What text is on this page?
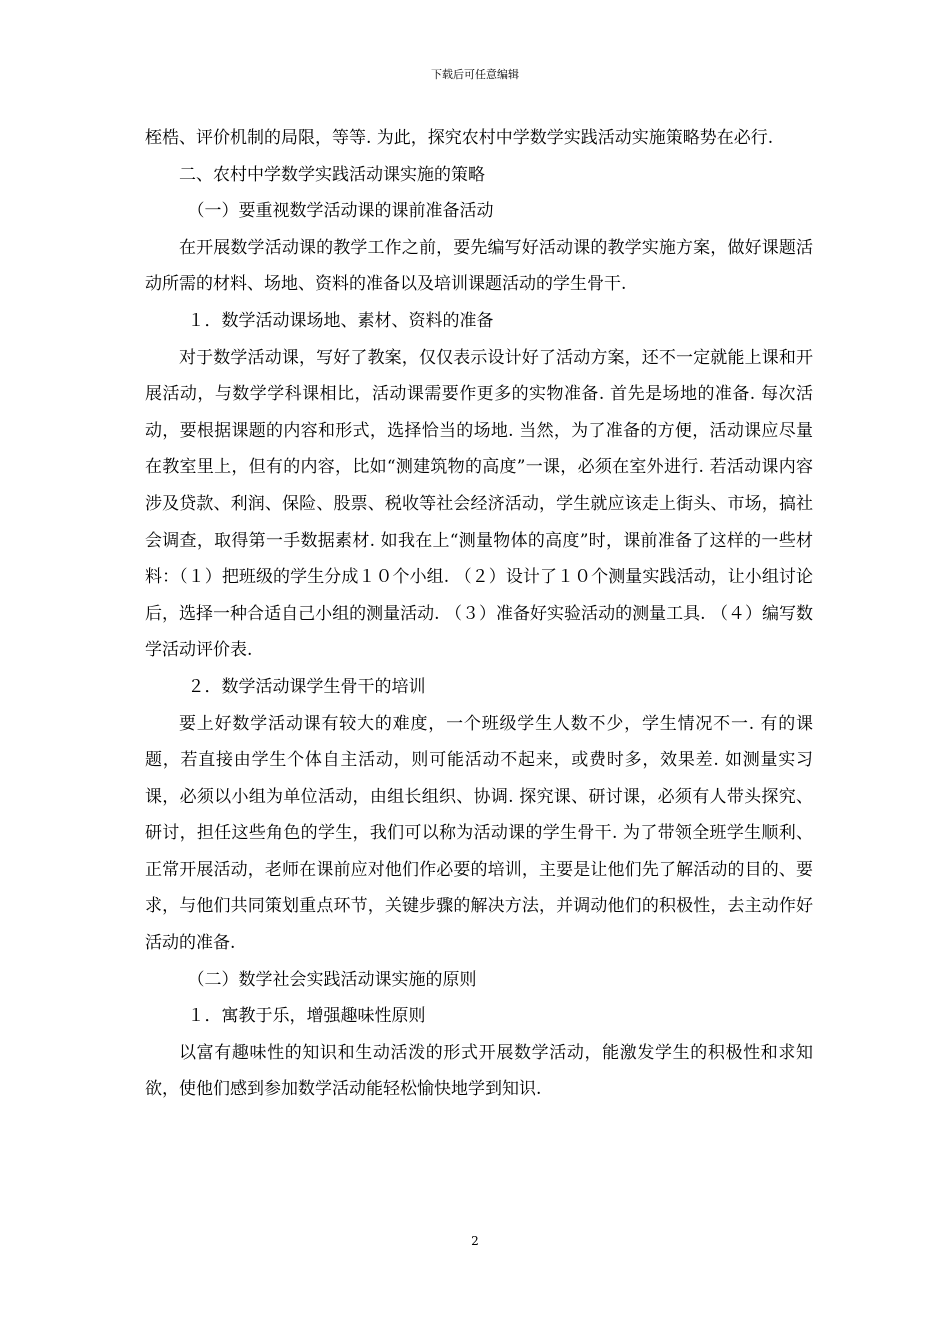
下载后可任意编辑

桎梏、评价机制的局限，等等. 为此，探究农村中学数学实践活动实施策略势在必行.

二、农村中学数学实践活动课实施的策略

（一）要重视数学活动课的课前准备活动

在开展数学活动课的教学工作之前，要先编写好活动课的教学实施方案，做好课题活动所需的材料、场地、资料的准备以及培训课题活动的学生骨干.

１．数学活动课场地、素材、资料的准备

对于数学活动课，写好了教案，仅仅表示设计好了活动方案，还不一定就能上课和开展活动，与数学学科课相比，活动课需要作更多的实物准备. 首先是场地的准备. 每次活动，要根据课题的内容和形式，选择恰当的场地. 当然，为了准备的方便，活动课应尽量在教室里上，但有的内容，比如“测建筑物的高度”一课，必须在室外进行. 若活动课内容涉及贷款、利润、保险、股票、税收等社会经济活动，学生就应该走上街头、市场，搞社会调查，取得第一手数据素材. 如我在上“测量物体的高度”时，课前准备了这样的一些材料：（１）把班级的学生分成１０个小组. （２）设计了１０个测量实践活动，让小组讨论后，选择一种合适自己小组的测量活动. （３）准备好实验活动的测量工具. （４）编写数学活动评价表.

２．数学活动课学生骨干的培训

要上好数学活动课有较大的难度，一个班级学生人数不少，学生情况不一. 有的课题，若直接由学生个体自主活动，则可能活动不起来，或费时多，效果差. 如测量实习课，必须以小组为单位活动，由组长组织、协调. 探究课、研讨课，必须有人带头探究、研讨，担任这些角色的学生，我们可以称为活动课的学生骨干. 为了带领全班学生顺利、正常开展活动，老师在课前应对他们作必要的培训，主要是让他们先了解活动的目的、要求，与他们共同策划重点环节，关键步骤的解决方法，并调动他们的积极性，去主动作好活动的准备.

（二）数学社会实践活动课实施的原则

１．寓教于乐，增强趣味性原则

以富有趣味性的知识和生动活泼的形式开展数学活动，能激发学生的积极性和求知欲，使他们感到参加数学活动能轻松愉快地学到知识.

2
